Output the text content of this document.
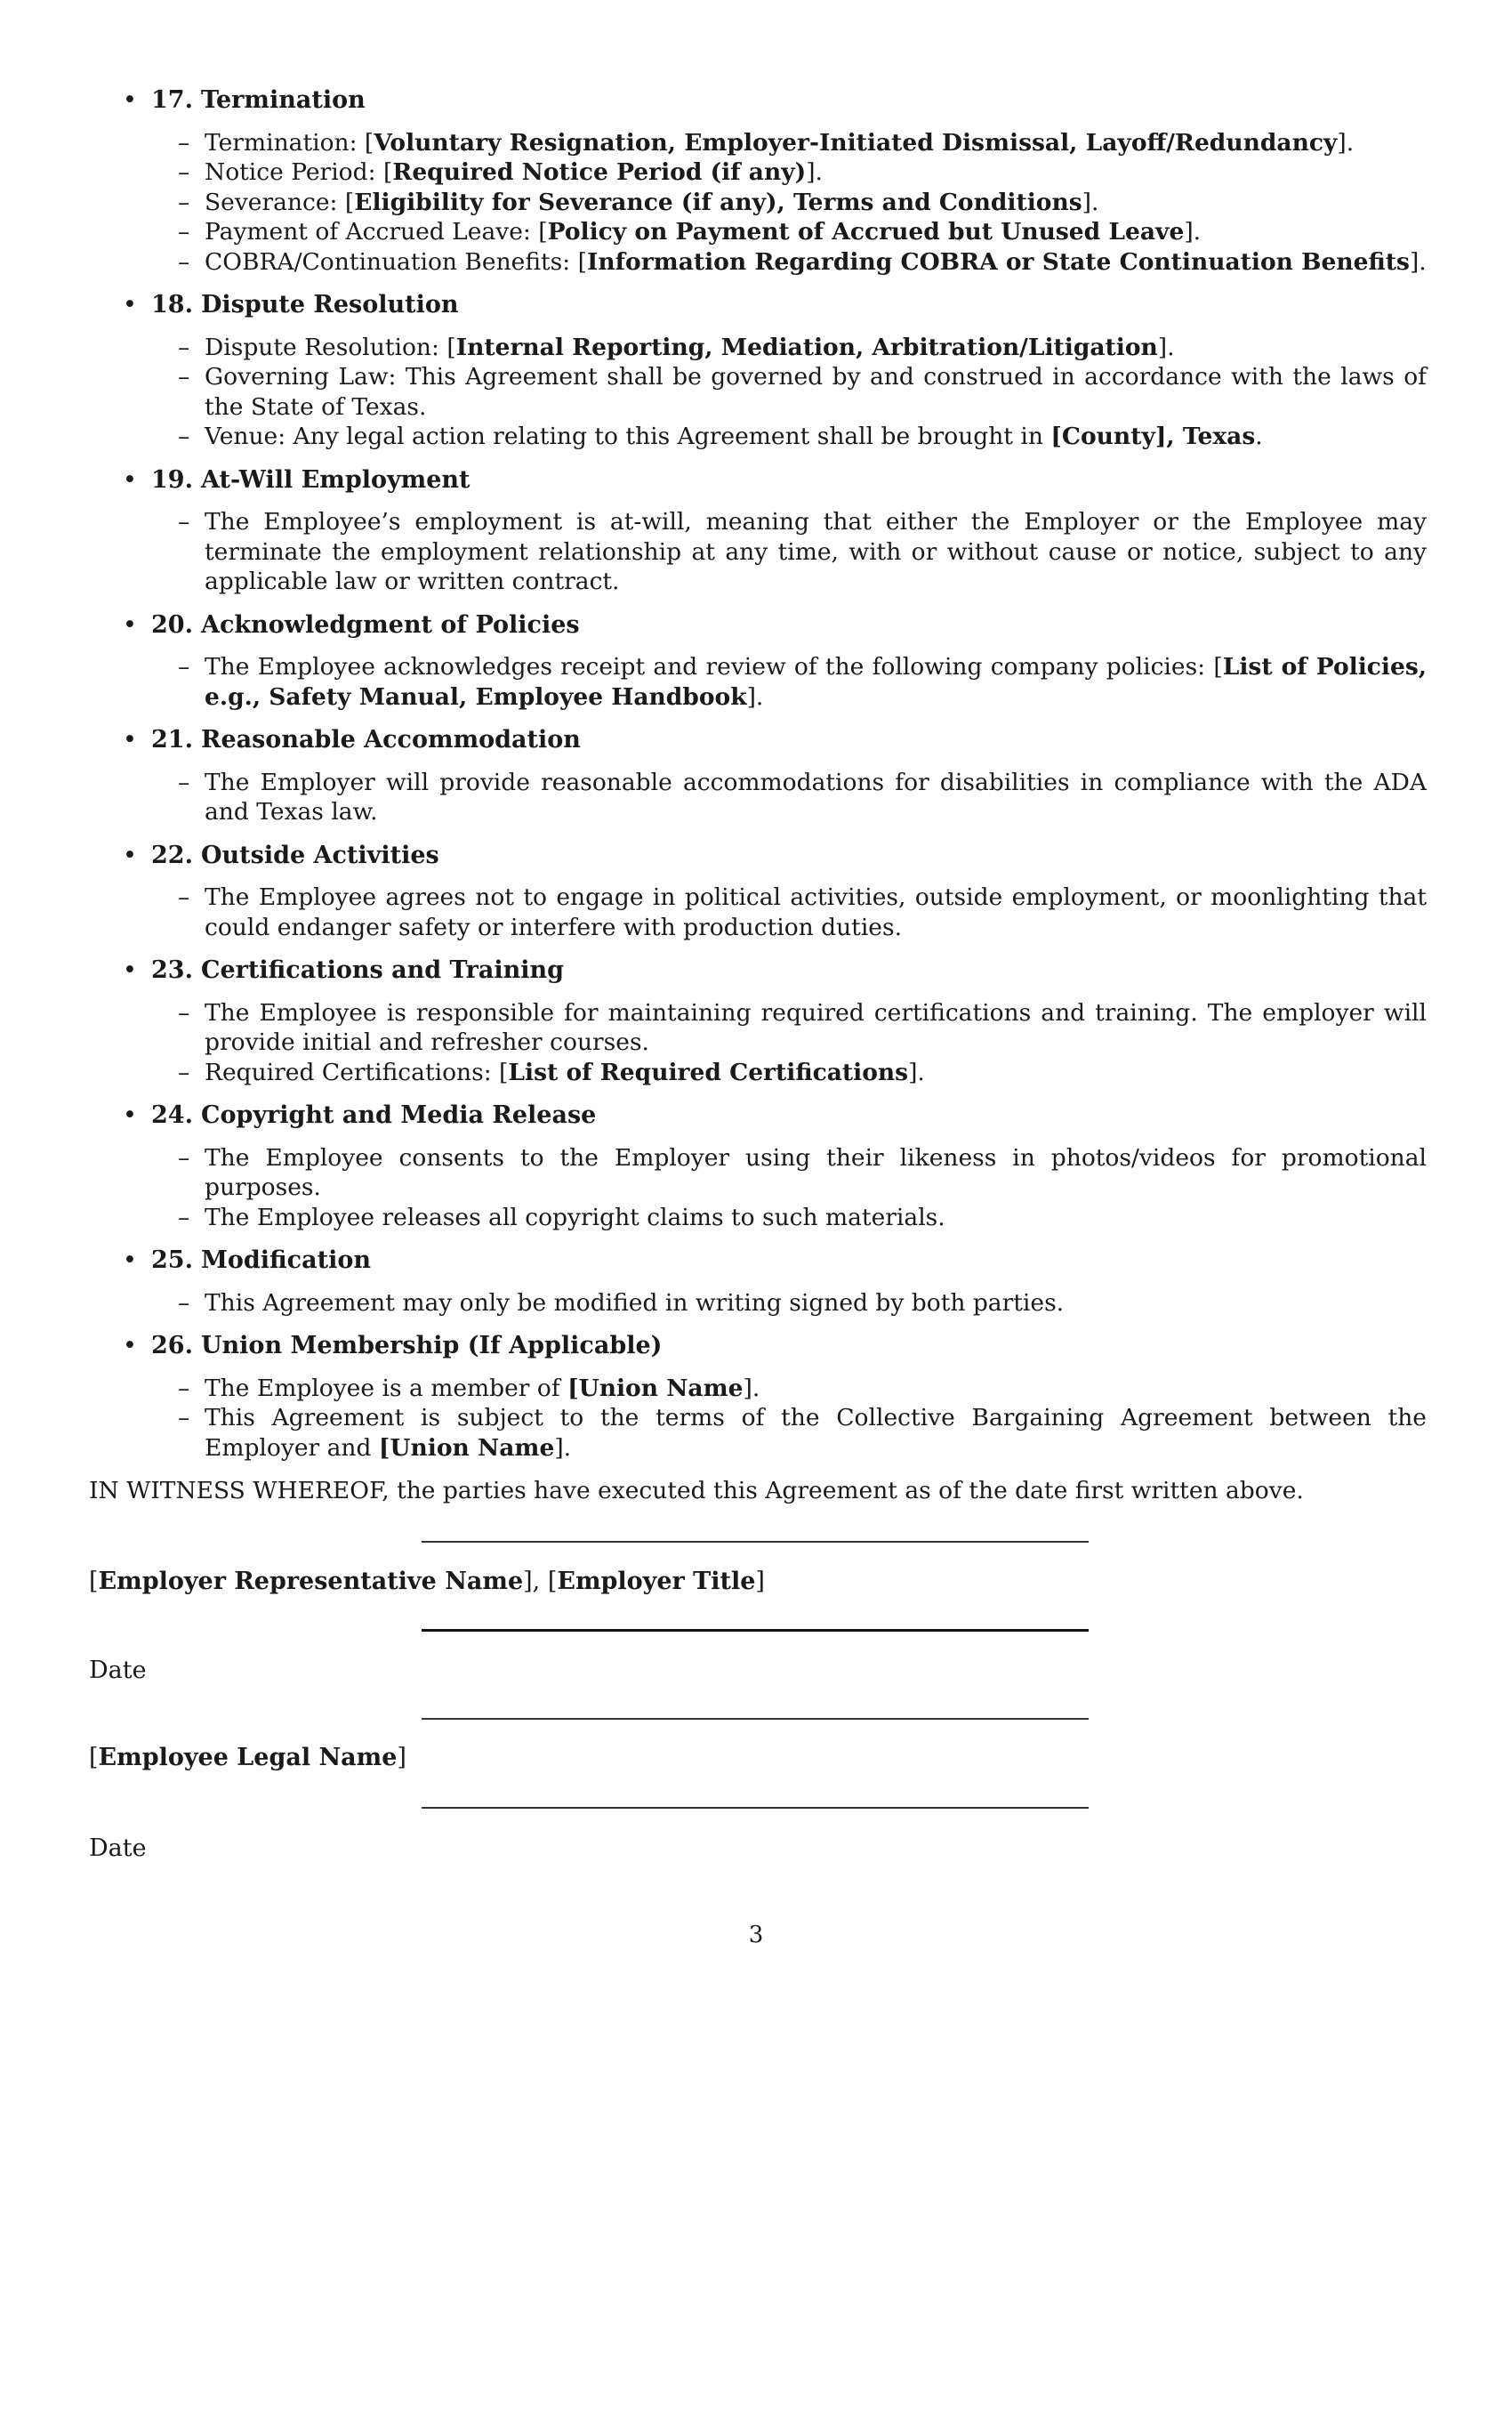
• 17. Termination
– Termination: [Voluntary Resignation, Employer-Initiated Dismissal, Layoff/Redundancy].
– Notice Period: [Required Notice Period (if any)].
– Severance: [Eligibility for Severance (if any), Terms and Conditions].
– Payment of Accrued Leave: [Policy on Payment of Accrued but Unused Leave].
– COBRA/Continuation Benefits: [Information Regarding COBRA or State Continuation Benefits].
• 18. Dispute Resolution
– Dispute Resolution: [Internal Reporting, Mediation, Arbitration/Litigation].
– Governing Law: This Agreement shall be governed by and construed in accordance with the laws of the State of Texas.
– Venue: Any legal action relating to this Agreement shall be brought in [County], Texas.
• 19. At-Will Employment
– The Employee’s employment is at-will, meaning that either the Employer or the Employee may terminate the employment relationship at any time, with or without cause or notice, subject to any applicable law or written contract.
• 20. Acknowledgment of Policies
– The Employee acknowledges receipt and review of the following company policies: [List of Policies, e.g., Safety Manual, Employee Handbook].
• 21. Reasonable Accommodation
– The Employer will provide reasonable accommodations for disabilities in compliance with the ADA and Texas law.
• 22. Outside Activities
– The Employee agrees not to engage in political activities, outside employment, or moonlighting that could endanger safety or interfere with production duties.
• 23. Certifications and Training
– The Employee is responsible for maintaining required certifications and training. The employer will provide initial and refresher courses.
– Required Certifications: [List of Required Certifications].
• 24. Copyright and Media Release
– The Employee consents to the Employer using their likeness in photos/videos for promotional purposes.
– The Employee releases all copyright claims to such materials.
• 25. Modification
– This Agreement may only be modified in writing signed by both parties.
• 26. Union Membership (If Applicable)
– The Employee is a member of [Union Name].
– This Agreement is subject to the terms of the Collective Bargaining Agreement between the Employer and [Union Name].

IN WITNESS WHEREOF, the parties have executed this Agreement as of the date first written above.

[Employer Representative Name], [Employer Title]
Date
[Employee Legal Name]
Date
3
